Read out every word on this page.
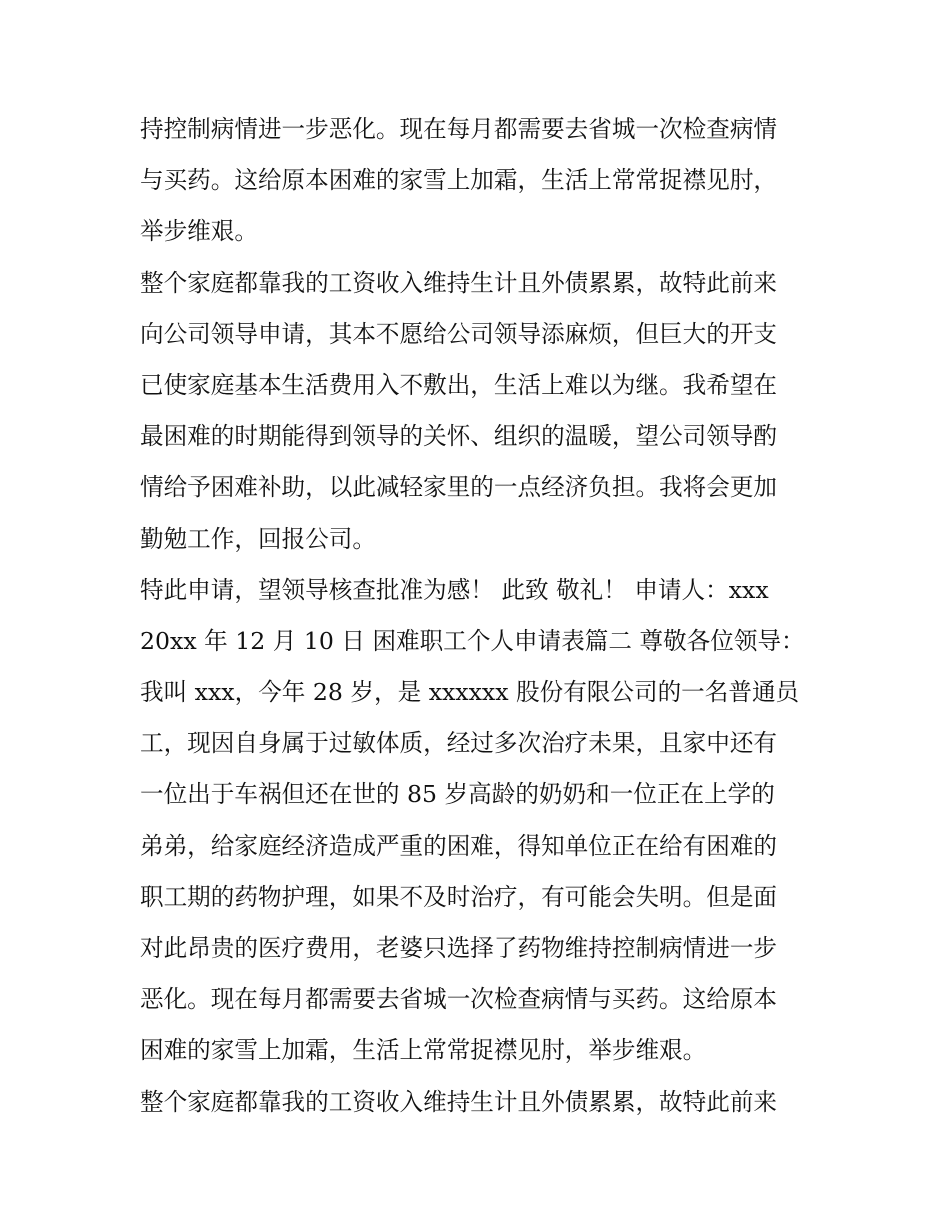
持控制病情进一步恶化。现在每月都需要去省城一次检查病情
与买药。这给原本困难的家雪上加霜，生活上常常捉襟见肘，
举步维艰。
整个家庭都靠我的工资收入维持生计且外债累累，故特此前来
向公司领导申请，其本不愿给公司领导添麻烦，但巨大的开支
已使家庭基本生活费用入不敷出，生活上难以为继。我希望在
最困难的时期能得到领导的关怀、组织的温暖，望公司领导酌
情给予困难补助，以此减轻家里的一点经济负担。我将会更加
勤勉工作，回报公司。
特此申请，望领导核查批准为感！ 此致 敬礼！ 申请人：xxx
20xx 年 12 月 10 日 困难职工个人申请表篇二 尊敬各位领导：
我叫 xxx，今年 28 岁，是 xxxxxx 股份有限公司的一名普通员
工，现因自身属于过敏体质，经过多次治疗未果，且家中还有
一位出于车祸但还在世的 85 岁高龄的奶奶和一位正在上学的
弟弟，给家庭经济造成严重的困难，得知单位正在给有困难的
职工期的药物护理，如果不及时治疗，有可能会失明。但是面
对此昂贵的医疗费用，老婆只选择了药物维持控制病情进一步
恶化。现在每月都需要去省城一次检查病情与买药。这给原本
困难的家雪上加霜，生活上常常捉襟见肘，举步维艰。
整个家庭都靠我的工资收入维持生计且外债累累，故特此前来
